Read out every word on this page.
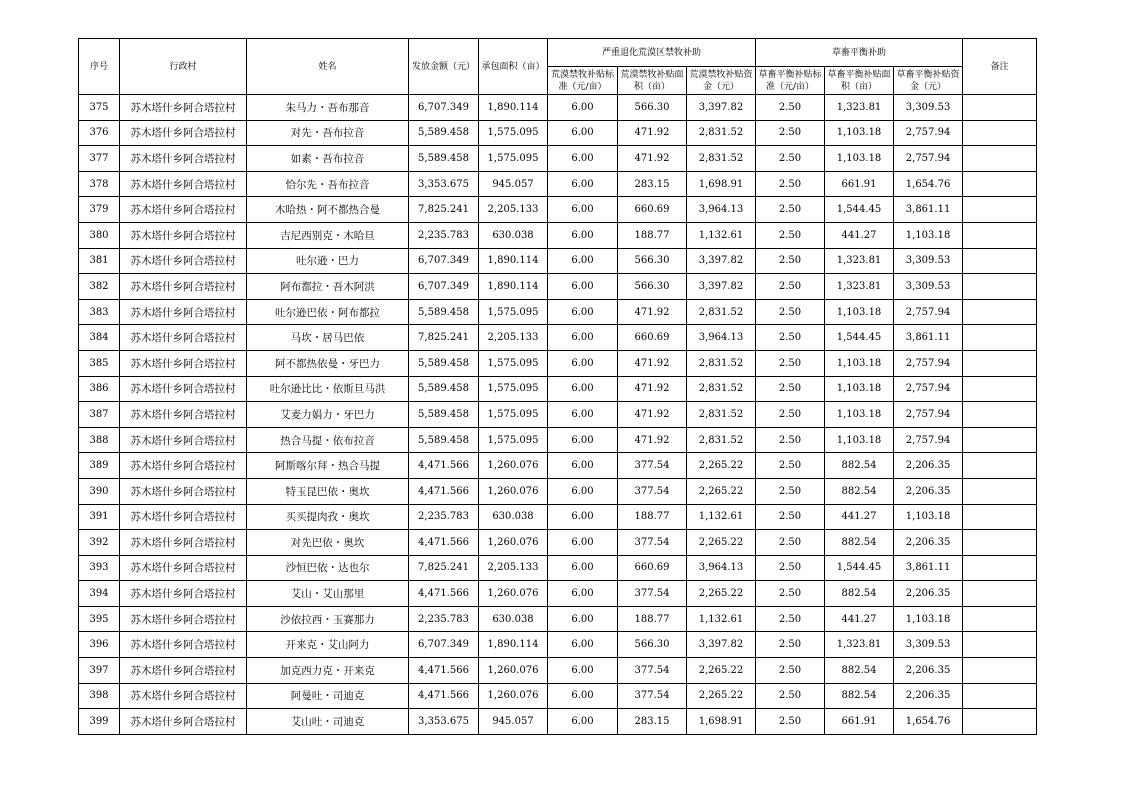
序号	行政村	姓名	发放金额（元）	承包面积（亩）	严重退化荒漠区禁牧补助			草畜平衡补助			备注
					荒漠禁牧补贴标准（元/亩）	荒漠禁牧补贴面积（亩）	荒漠禁牧补贴资金（元）	草畜平衡补贴标准（元/亩）	草畜平衡补贴面积（亩）	草畜平衡补贴资金（元）	
375	苏木塔什乡阿合塔拉村	朱马力・吾布那音	6,707.349	1,890.114	6.00	566.30	3,397.82	2.50	1,323.81	3,309.53	
376	苏木塔什乡阿合塔拉村	对先・吾布拉音	5,589.458	1,575.095	6.00	471.92	2,831.52	2.50	1,103.18	2,757.94	
377	苏木塔什乡阿合塔拉村	如素・吾布拉音	5,589.458	1,575.095	6.00	471.92	2,831.52	2.50	1,103.18	2,757.94	
378	苏木塔什乡阿合塔拉村	恰尔先・吾布拉音	3,353.675	945.057	6.00	283.15	1,698.91	2.50	661.91	1,654.76	
379	苏木塔什乡阿合塔拉村	木哈热・阿不都热合曼	7,825.241	2,205.133	6.00	660.69	3,964.13	2.50	1,544.45	3,861.11	
380	苏木塔什乡阿合塔拉村	吉尼西别克・木哈旦	2,235.783	630.038	6.00	188.77	1,132.61	2.50	441.27	1,103.18	
381	苏木塔什乡阿合塔拉村	吐尔逊・巴力	6,707.349	1,890.114	6.00	566.30	3,397.82	2.50	1,323.81	3,309.53	
382	苏木塔什乡阿合塔拉村	阿布都拉・吾木阿洪	6,707.349	1,890.114	6.00	566.30	3,397.82	2.50	1,323.81	3,309.53	
383	苏木塔什乡阿合塔拉村	吐尔逊巴依・阿布都拉	5,589.458	1,575.095	6.00	471.92	2,831.52	2.50	1,103.18	2,757.94	
384	苏木塔什乡阿合塔拉村	马坎・居马巴依	7,825.241	2,205.133	6.00	660.69	3,964.13	2.50	1,544.45	3,861.11	
385	苏木塔什乡阿合塔拉村	阿不都热依曼・牙巴力	5,589.458	1,575.095	6.00	471.92	2,831.52	2.50	1,103.18	2,757.94	
386	苏木塔什乡阿合塔拉村	吐尔逊比比・依斯旦马洪	5,589.458	1,575.095	6.00	471.92	2,831.52	2.50	1,103.18	2,757.94	
387	苏木塔什乡阿合塔拉村	艾麦力娟力・牙巴力	5,589.458	1,575.095	6.00	471.92	2,831.52	2.50	1,103.18	2,757.94	
388	苏木塔什乡阿合塔拉村	热合马提・依布拉音	5,589.458	1,575.095	6.00	471.92	2,831.52	2.50	1,103.18	2,757.94	
389	苏木塔什乡阿合塔拉村	阿斯喀尔拜・热合马提	4,471.566	1,260.076	6.00	377.54	2,265.22	2.50	882.54	2,206.35	
390	苏木塔什乡阿合塔拉村	特玉昆巴依・奥坎	4,471.566	1,260.076	6.00	377.54	2,265.22	2.50	882.54	2,206.35	
391	苏木塔什乡阿合塔拉村	买买提肉孜・奥坎	2,235.783	630.038	6.00	188.77	1,132.61	2.50	441.27	1,103.18	
392	苏木塔什乡阿合塔拉村	对先巴依・奥坎	4,471.566	1,260.076	6.00	377.54	2,265.22	2.50	882.54	2,206.35	
393	苏木塔什乡阿合塔拉村	沙恒巴依・达也尔	7,825.241	2,205.133	6.00	660.69	3,964.13	2.50	1,544.45	3,861.11	
394	苏木塔什乡阿合塔拉村	艾山・艾山那里	4,471.566	1,260.076	6.00	377.54	2,265.22	2.50	882.54	2,206.35	
395	苏木塔什乡阿合塔拉村	沙依拉西・玉赛那力	2,235.783	630.038	6.00	188.77	1,132.61	2.50	441.27	1,103.18	
396	苏木塔什乡阿合塔拉村	开来克・艾山阿力	6,707.349	1,890.114	6.00	566.30	3,397.82	2.50	1,323.81	3,309.53	
397	苏木塔什乡阿合塔拉村	加克西力克・开来克	4,471.566	1,260.076	6.00	377.54	2,265.22	2.50	882.54	2,206.35	
398	苏木塔什乡阿合塔拉村	阿曼吐・司迪克	4,471.566	1,260.076	6.00	377.54	2,265.22	2.50	882.54	2,206.35	
399	苏木塔什乡阿合塔拉村	艾山吐・司迪克	3,353.675	945.057	6.00	283.15	1,698.91	2.50	661.91	1,654.76	
